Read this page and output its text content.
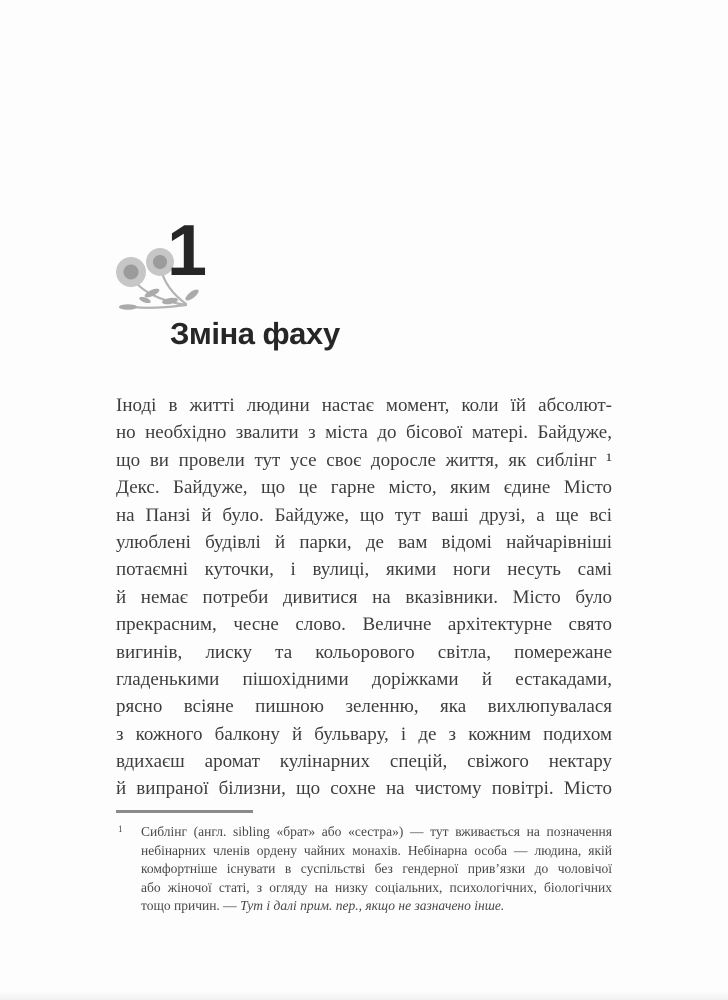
1
Зміна фаху
Іноді в житті людини настає момент, коли їй абсолют-
но необхідно звалити з міста до бісової матері. Байдуже,
що ви провели тут усе своє доросле життя, як сиблінг ¹
Декс. Байдуже, що це гарне місто, яким єдине Місто
на Панзі й було. Байдуже, що тут ваші друзі, а ще всі
улюблені будівлі й парки, де вам відомі найчарівніші
потаємні куточки, і вулиці, якими ноги несуть самі
й немає потреби дивитися на вказівники. Місто було
прекрасним, чесне слово. Величне архітектурне свято
вигинів, лиску та кольорового світла, помережане
гладенькими пішохідними доріжками й естакадами,
рясно всіяне пишною зеленню, яка вихлюпувалася
з кожного балкону й бульвару, і де з кожним подихом
вдихаєш аромат кулінарних спецій, свіжого нектару
й випраної білизни, що сохне на чистому повітрі. Місто
1 Сиблінг (англ. sibling «брат» або «сестра») — тут вживається на позначення
небінарних членів ордену чайних монахів. Небінарна особа — людина, якій
комфортніше існувати в суспільстві без гендерної прив’язки до чоловічої
або жіночої статі, з огляду на низку соціальних, психологічних, біологічних
тощо причин. — Тут і далі прим. пер., якщо не зазначено інше.
